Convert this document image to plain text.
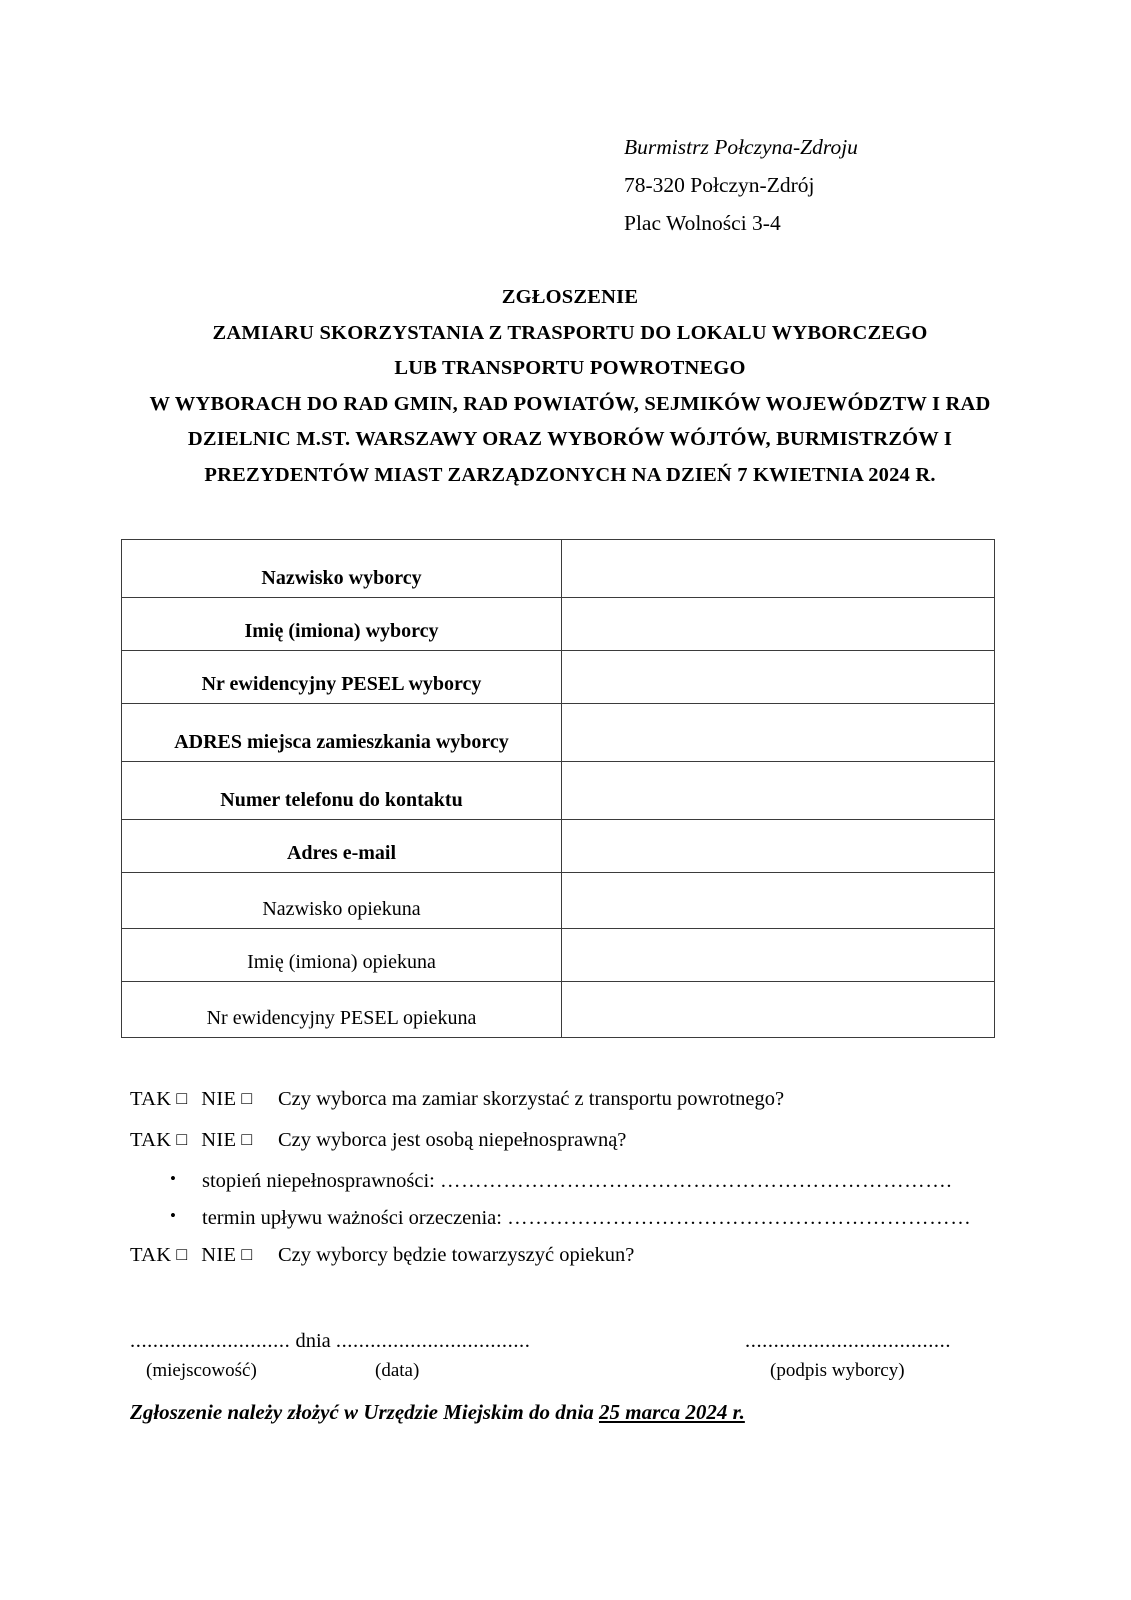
Burmistrz Połczyna-Zdroju
78-320 Połczyn-Zdrój
Plac Wolności 3-4
ZGŁOSZENIE
ZAMIARU SKORZYSTANIA Z TRASPORTU DO LOKALU WYBORCZEGO
LUB TRANSPORTU POWROTNEGO
W WYBORACH DO RAD GMIN, RAD POWIATÓW, SEJMIKÓW WOJEWÓDZTW I RAD
DZIELNIC M.ST. WARSZAWY ORAZ WYBORÓW WÓJTÓW, BURMISTRZÓW I
PREZYDENTÓW MIAST ZARZĄDZONYCH NA DZIEŃ 7 KWIETNIA 2024 R.
Nazwisko wyborcy	
Imię (imiona) wyborcy	
Nr ewidencyjny PESEL wyborcy	
ADRES miejsca zamieszkania wyborcy	
Numer telefonu do kontaktu	
Adres e-mail	
Nazwisko opiekuna	
Imię (imiona) opiekuna	
Nr ewidencyjny PESEL opiekuna	
TAK □ NIE □	Czy wyborca ma zamiar skorzystać z transportu powrotnego?
TAK □ NIE □	Czy wyborca jest osobą niepełnosprawną?
• stopień niepełnosprawności: ……………………………………………………………….
• termin upływu ważności orzeczenia: …………………………………………………………
TAK □ NIE □	Czy wyborcy będzie towarzyszyć opiekun?
............................ dnia ..................................	....................................
(miejscowość)	(data)	(podpis wyborcy)
Zgłoszenie należy złożyć w Urzędzie Miejskim do dnia 25 marca 2024 r.
